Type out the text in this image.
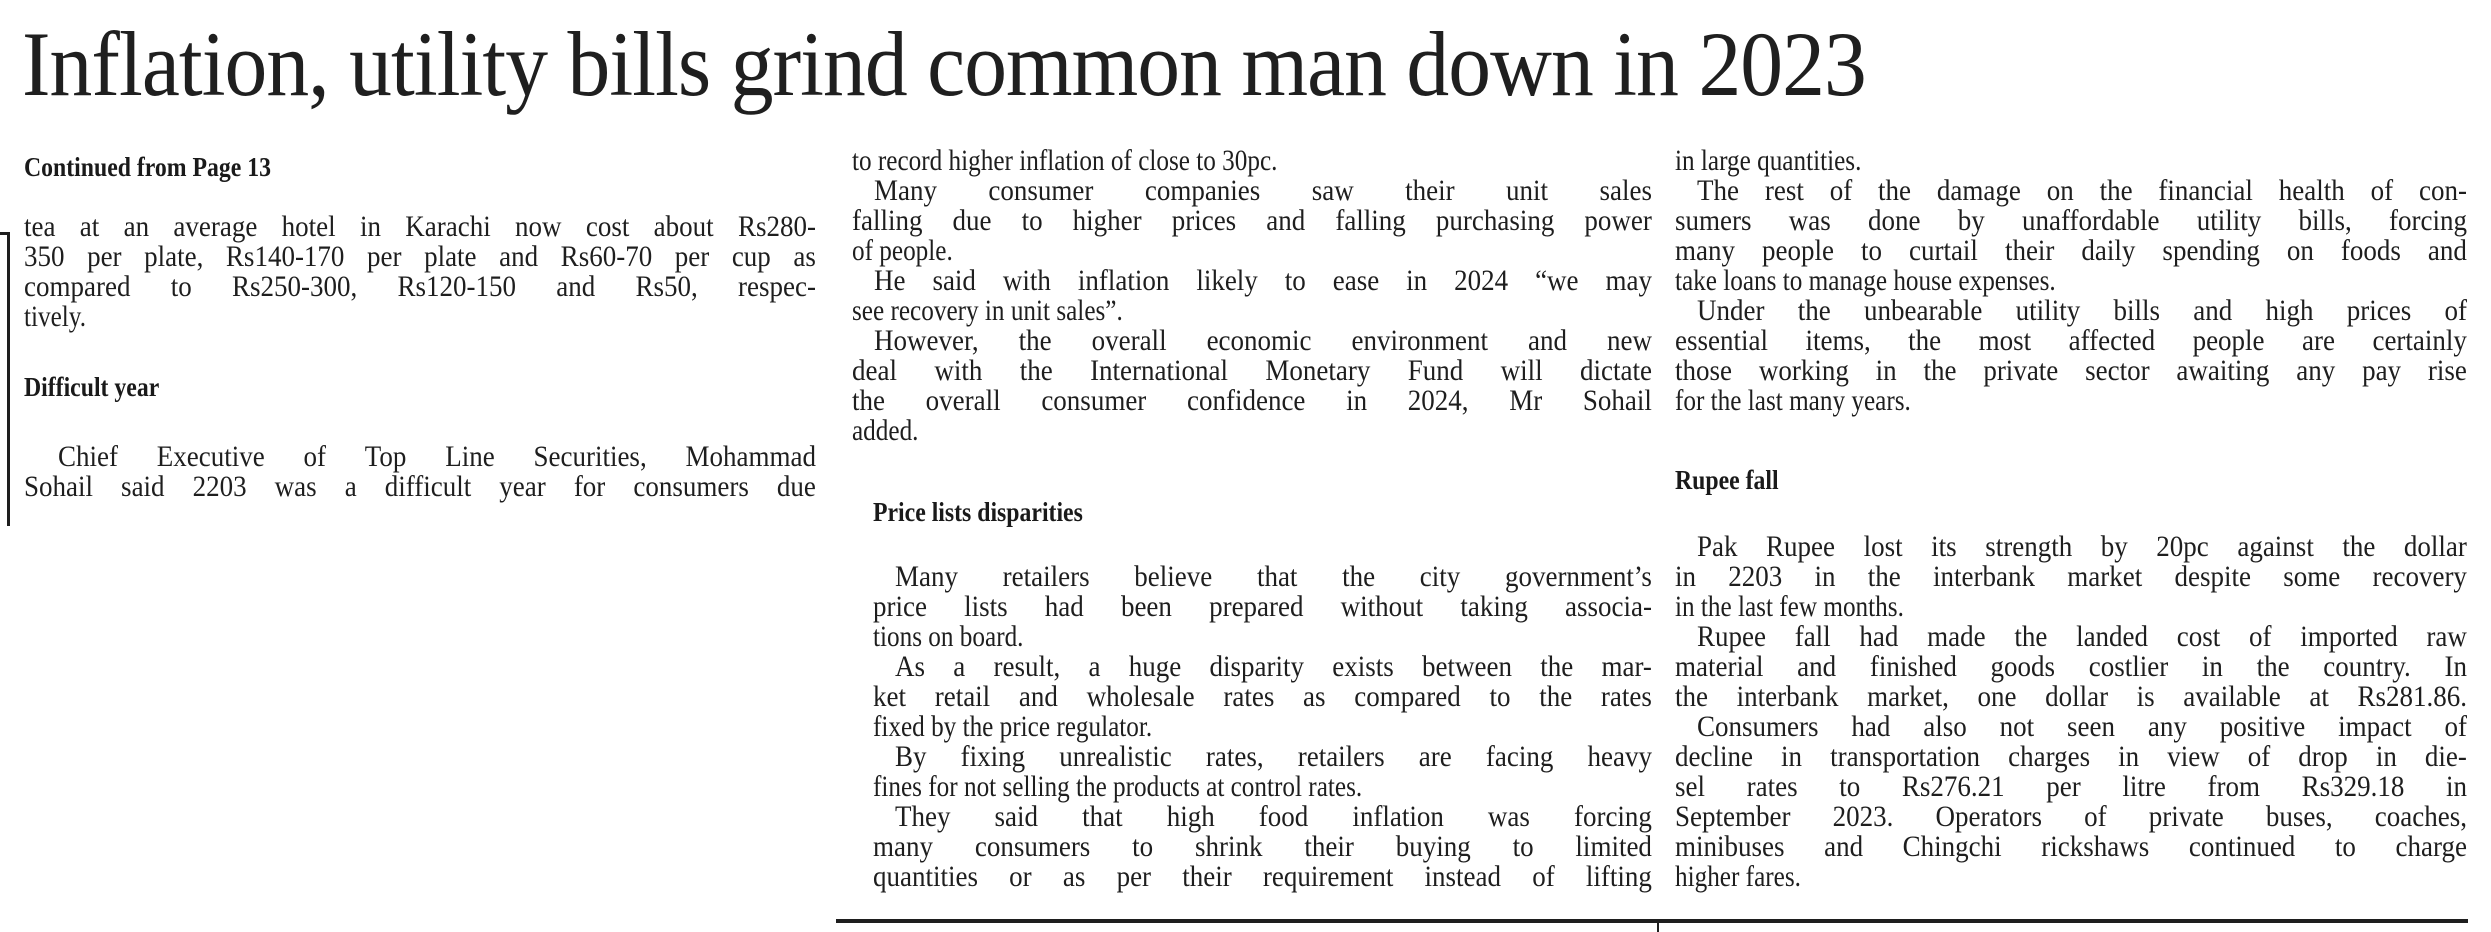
Inflation, utility bills grind common man down in 2023
Continued from Page 13
tea at an average hotel in Karachi now cost about Rs280-
350 per plate, Rs140-170 per plate and Rs60-70 per cup as
compared to Rs250-300, Rs120-150 and Rs50, respec-
tively.
Difficult year
Chief Executive of Top Line Securities, Mohammad
Sohail said 2203 was a difficult year for consumers due
to record higher inflation of close to 30pc.
Many consumer companies saw their unit sales
falling due to higher prices and falling purchasing power
of people.
He said with inflation likely to ease in 2024 “we may
see recovery in unit sales”.
However, the overall economic environment and new
deal with the International Monetary Fund will dictate
the overall consumer confidence in 2024, Mr Sohail
added.
Price lists disparities
Many retailers believe that the city government’s
price lists had been prepared without taking associa-
tions on board.
As a result, a huge disparity exists between the mar-
ket retail and wholesale rates as compared to the rates
fixed by the price regulator.
By fixing unrealistic rates, retailers are facing heavy
fines for not selling the products at control rates.
They said that high food inflation was forcing
many consumers to shrink their buying to limited
quantities or as per their requirement instead of lifting
in large quantities.
The rest of the damage on the financial health of con-
sumers was done by unaffordable utility bills, forcing
many people to curtail their daily spending on foods and
take loans to manage house expenses.
Under the unbearable utility bills and high prices of
essential items, the most affected people are certainly
those working in the private sector awaiting any pay rise
for the last many years.
Rupee fall
Pak Rupee lost its strength by 20pc against the dollar
in 2203 in the interbank market despite some recovery
in the last few months.
Rupee fall had made the landed cost of imported raw
material and finished goods costlier in the country. In
the interbank market, one dollar is available at Rs281.86.
Consumers had also not seen any positive impact of
decline in transportation charges in view of drop in die-
sel rates to Rs276.21 per litre from Rs329.18 in
September 2023. Operators of private buses, coaches,
minibuses and Chingchi rickshaws continued to charge
higher fares.
